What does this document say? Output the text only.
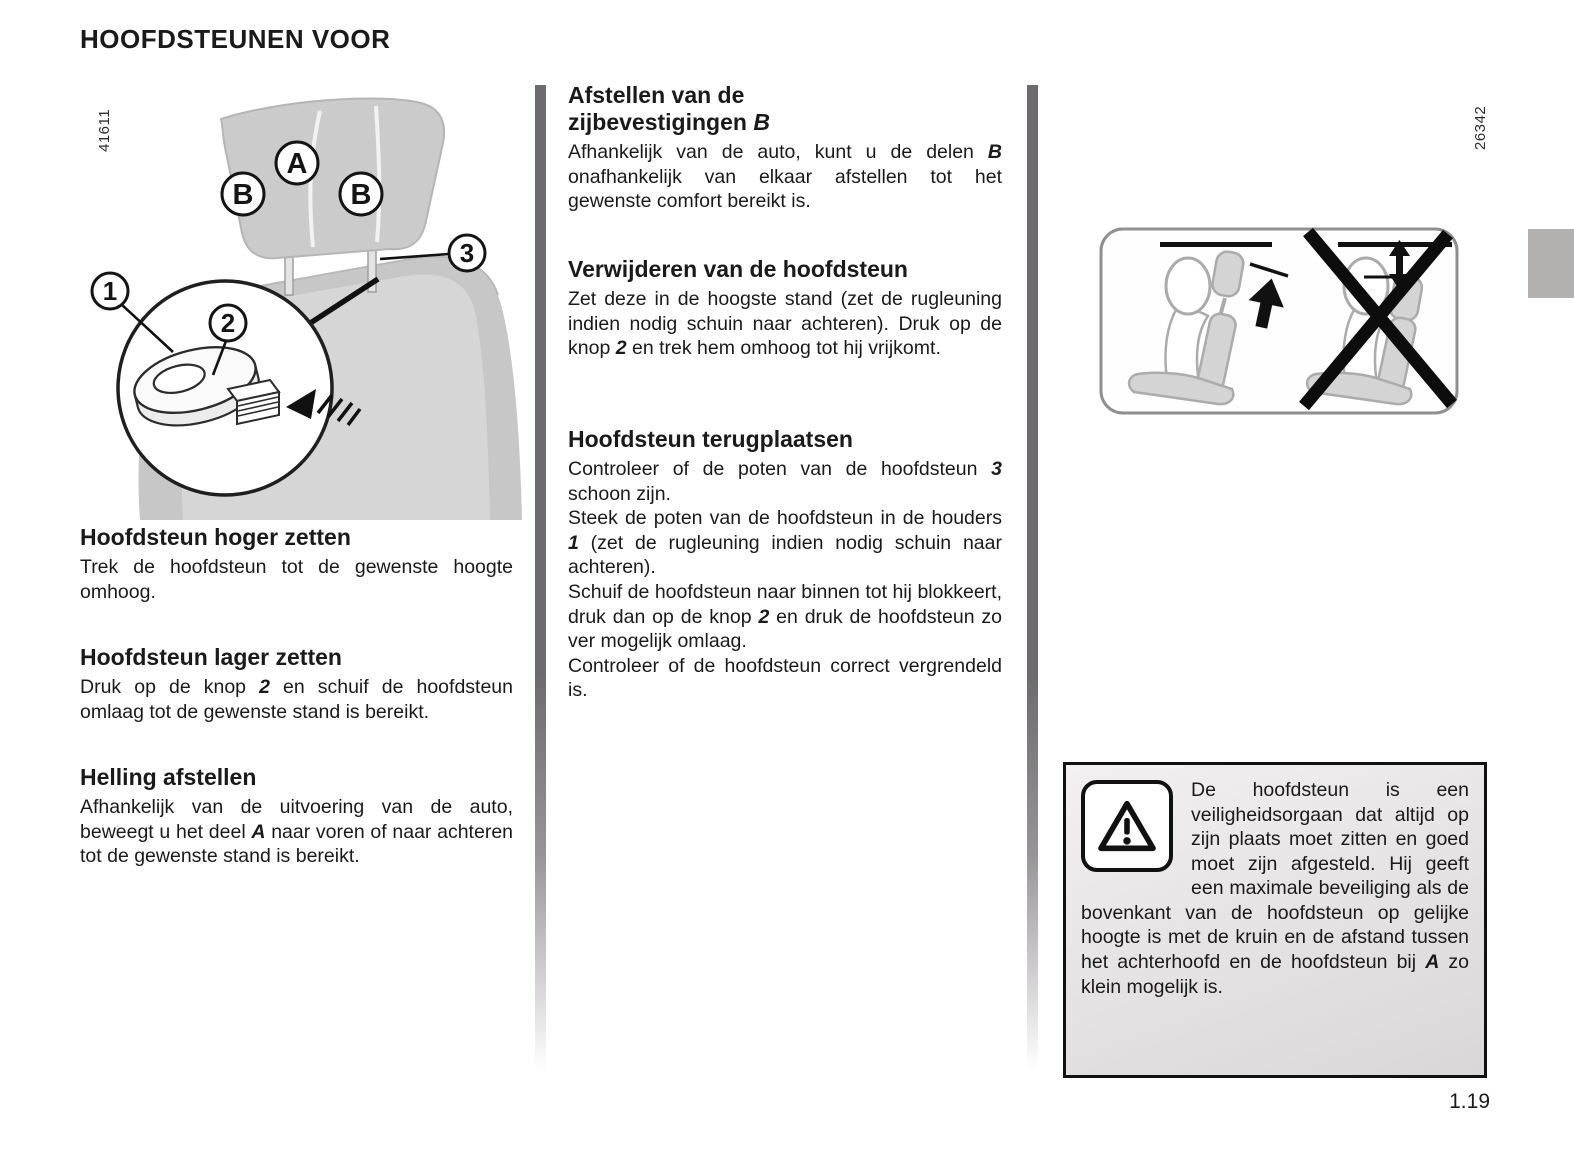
HOOFDSTEUNEN VOOR
41611	26342
A
B	B
3
1
2
Hoofdsteun hoger zetten
Trek de hoofdsteun tot de gewenste hoogte omhoog.
Hoofdsteun lager zetten
Druk op de knop 2 en schuif de hoofdsteun omlaag tot de gewenste stand is bereikt.
Helling afstellen
Afhankelijk van de uitvoering van de auto, beweegt u het deel A naar voren of naar achteren tot de gewenste stand is bereikt.
Afstellen van de
zijbevestigingen B
Afhankelijk van de auto, kunt u de delen B onafhankelijk van elkaar afstellen tot het gewenste comfort bereikt is.
Verwijderen van de hoofdsteun
Zet deze in de hoogste stand (zet de rugleuning indien nodig schuin naar achteren). Druk op de knop 2 en trek hem omhoog tot hij vrijkomt.
Hoofdsteun terugplaatsen

Controleer of de poten van de hoofdsteun 3 schoon zijn.

Steek de poten van de hoofdsteun in de houders 1 (zet de rugleuning indien nodig schuin naar achteren).

Schuif de hoofdsteun naar binnen tot hij blokkeert, druk dan op de knop 2 en druk de hoofdsteun zo ver mogelijk omlaag.

Controleer of de hoofdsteun correct vergrendeld is.

De hoofdsteun is een veiligheidsorgaan dat altijd op zijn plaats moet zitten en goed moet zijn afgesteld. Hij geeft een maximale beveiliging als de bovenkant van de hoofdsteun op gelijke hoogte is met de kruin en de afstand tussen het achterhoofd en de hoofdsteun bij A zo klein mogelijk is.
1.19
